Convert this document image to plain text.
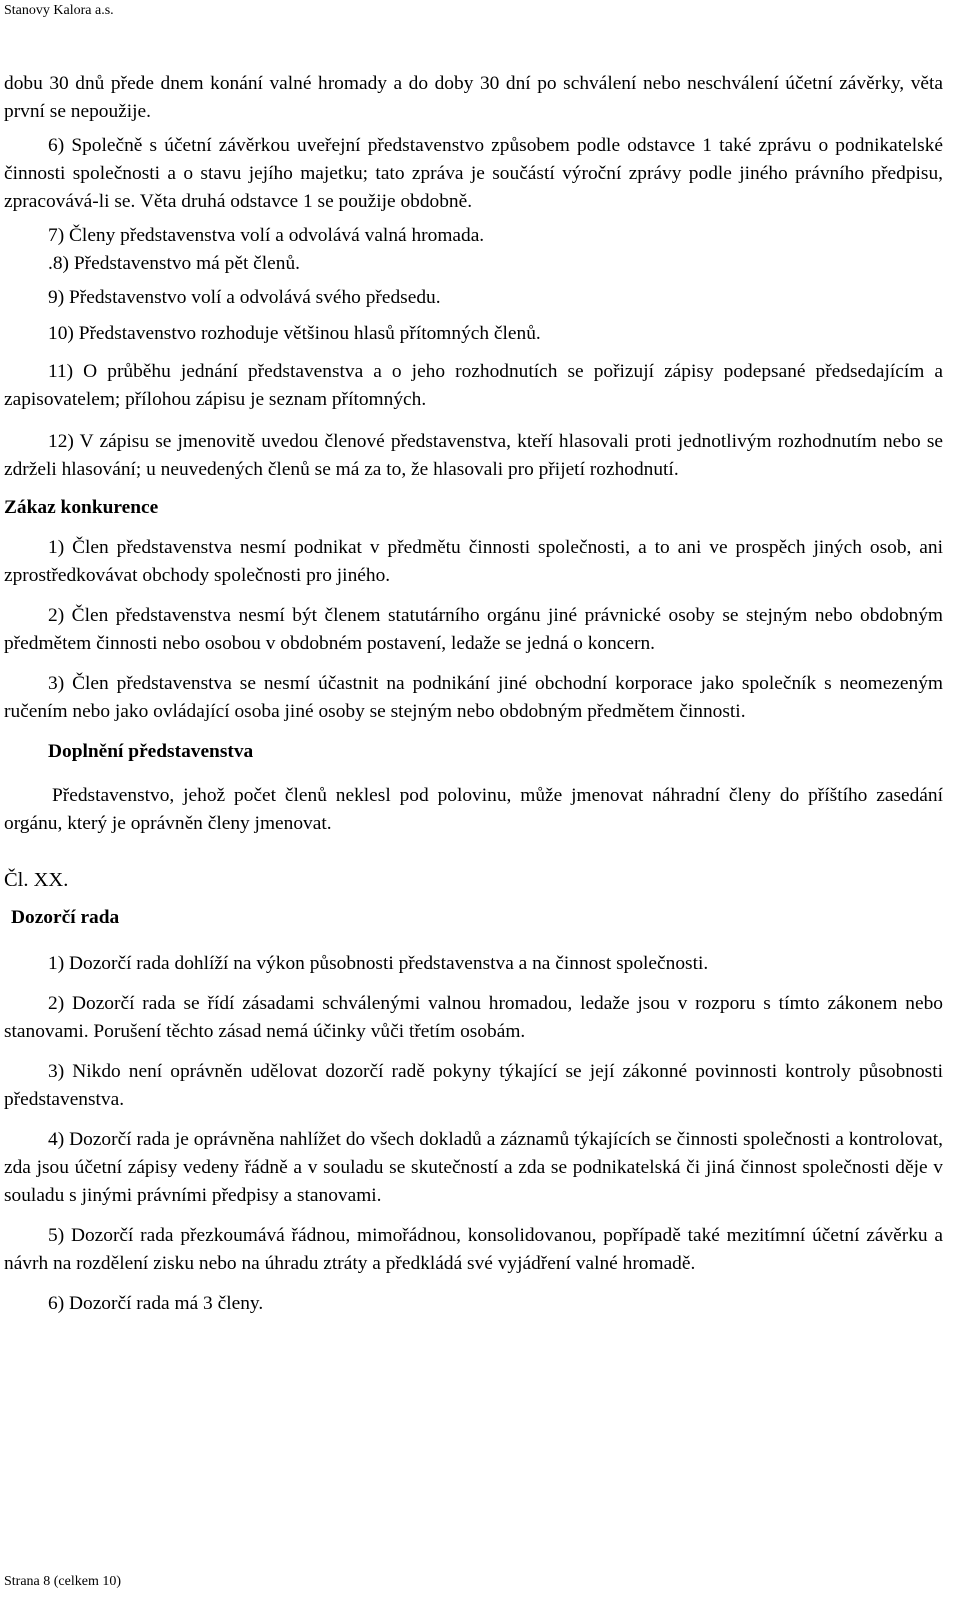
Stanovy Kalora a.s.

dobu 30 dnů přede dnem konání valné hromady a do doby 30 dní po schválení nebo neschválení účetní závěrky, věta první se nepoužije.

6) Společně s účetní závěrkou uveřejní představenstvo způsobem podle odstavce 1 také zprávu o podnikatelské činnosti společnosti a o stavu jejího majetku; tato zpráva je součástí výroční zprávy podle jiného právního předpisu, zpracovává-li se. Věta druhá odstavce 1 se použije obdobně.

7) Členy představenstva volí a odvolává valná hromada.

.8) Představenstvo má pět členů.

9) Představenstvo volí a odvolává svého předsedu.

10) Představenstvo rozhoduje většinou hlasů přítomných členů.

11) O průběhu jednání představenstva a o jeho rozhodnutích se pořizují zápisy podepsané předsedajícím a zapisovatelem; přílohou zápisu je seznam přítomných.

12) V zápisu se jmenovitě uvedou členové představenstva, kteří hlasovali proti jednotlivým rozhodnutím nebo se zdrželi hlasování; u neuvedených členů se má za to, že hlasovali pro přijetí rozhodnutí.

Zákaz konkurence

1) Člen představenstva nesmí podnikat v předmětu činnosti společnosti, a to ani ve prospěch jiných osob, ani zprostředkovávat obchody společnosti pro jiného.

2) Člen představenstva nesmí být členem statutárního orgánu jiné právnické osoby se stejným nebo obdobným předmětem činnosti nebo osobou v obdobném postavení, ledaže se jedná o koncern.

3) Člen představenstva se nesmí účastnit na podnikání jiné obchodní korporace jako společník s neomezeným ručením nebo jako ovládající osoba jiné osoby se stejným nebo obdobným předmětem činnosti.

Doplnění představenstva

Představenstvo, jehož počet členů neklesl pod polovinu, může jmenovat náhradní členy do příštího zasedání orgánu, který je oprávněn členy jmenovat.

Čl. XX.

Dozorčí rada

1) Dozorčí rada dohlíží na výkon působnosti představenstva a na činnost společnosti.

2) Dozorčí rada se řídí zásadami schválenými valnou hromadou, ledaže jsou v rozporu s tímto zákonem nebo stanovami. Porušení těchto zásad nemá účinky vůči třetím osobám.

3) Nikdo není oprávněn udělovat dozorčí radě pokyny týkající se její zákonné povinnosti kontroly působnosti představenstva.

4) Dozorčí rada je oprávněna nahlížet do všech dokladů a záznamů týkajících se činnosti společnosti a kontrolovat, zda jsou účetní zápisy vedeny řádně a v souladu se skutečností a zda se podnikatelská či jiná činnost společnosti děje v souladu s jinými právními předpisy a stanovami.

5) Dozorčí rada přezkoumává řádnou, mimořádnou, konsolidovanou, popřípadě také mezitímní účetní závěrku a návrh na rozdělení zisku nebo na úhradu ztráty a předkládá své vyjádření valné hromadě.

6) Dozorčí rada má 3 členy.

Strana 8 (celkem 10)
